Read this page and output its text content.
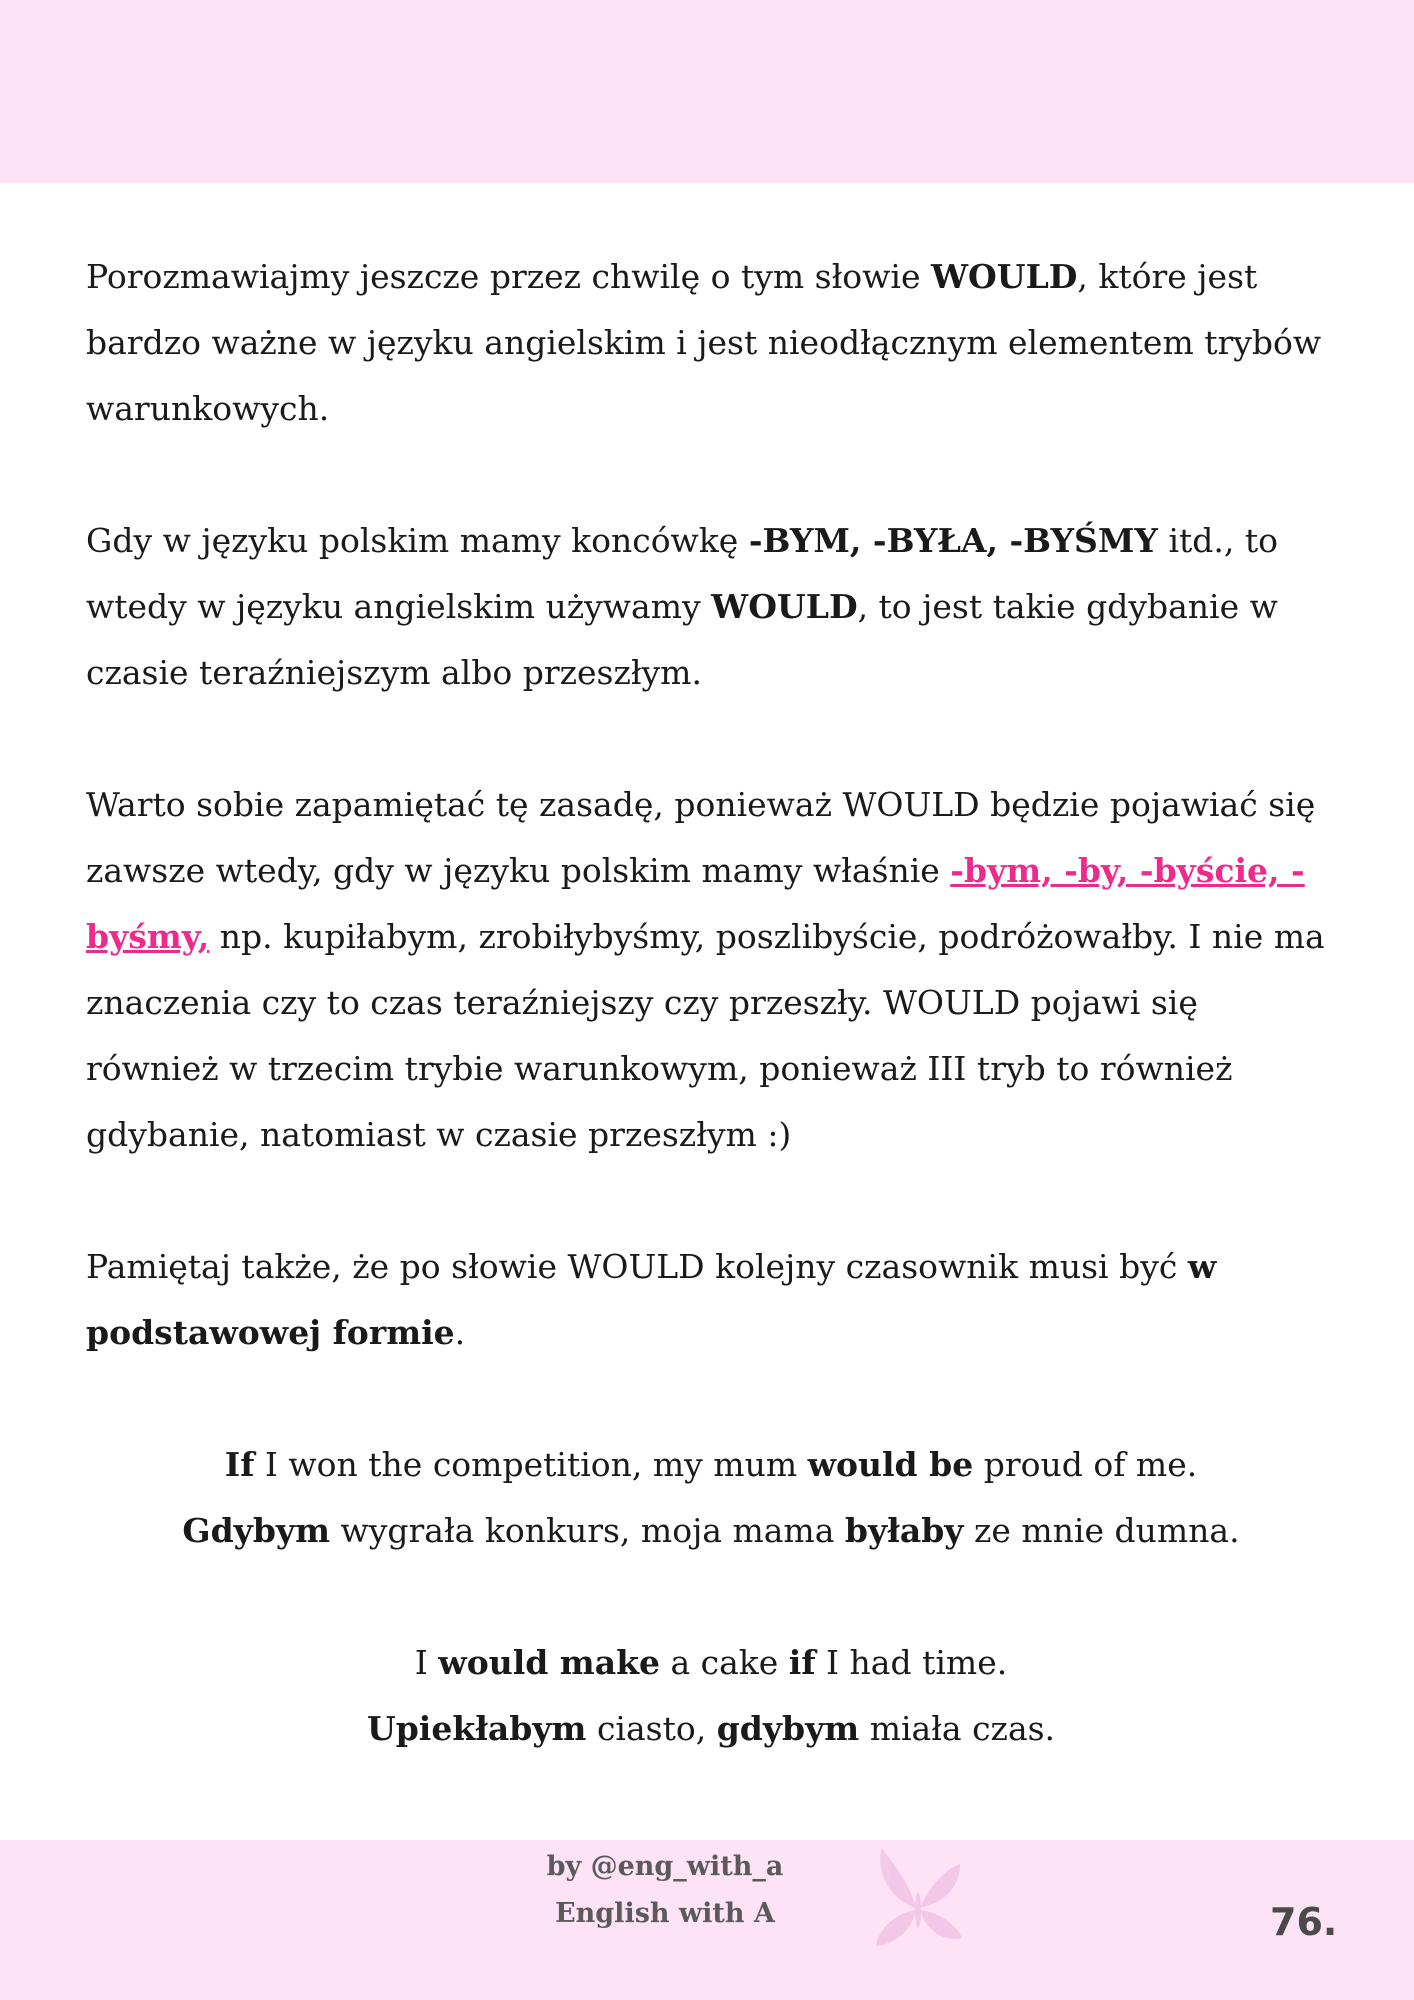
Porozmawiajmy jeszcze przez chwilę o tym słowie WOULD, które jest bardzo ważne w języku angielskim i jest nieodłącznym elementem trybów warunkowych.

Gdy w języku polskim mamy koncówkę -BYM, -BYŁA, -BYŚMY itd., to wtedy w języku angielskim używamy WOULD, to jest takie gdybanie w czasie teraźniejszym albo przeszłym.

Warto sobie zapamiętać tę zasadę, ponieważ WOULD będzie pojawiać się zawsze wtedy, gdy w języku polskim mamy właśnie -bym, -by, -byście, -byśmy, np. kupiłabym, zrobiłybyśmy, poszlibyście, podróżowałby. I nie ma znaczenia czy to czas teraźniejszy czy przeszły. WOULD pojawi się również w trzecim trybie warunkowym, ponieważ III tryb to również gdybanie, natomiast w czasie przeszłym :)

Pamiętaj także, że po słowie WOULD kolejny czasownik musi być w podstawowej formie.

If I won the competition, my mum would be proud of me.
Gdybym wygrała konkurs, moja mama byłaby ze mnie dumna.
I would make a cake if I had time.
Upiekłabym ciasto, gdybym miała czas.
by @eng_with_a
English with A	76.
